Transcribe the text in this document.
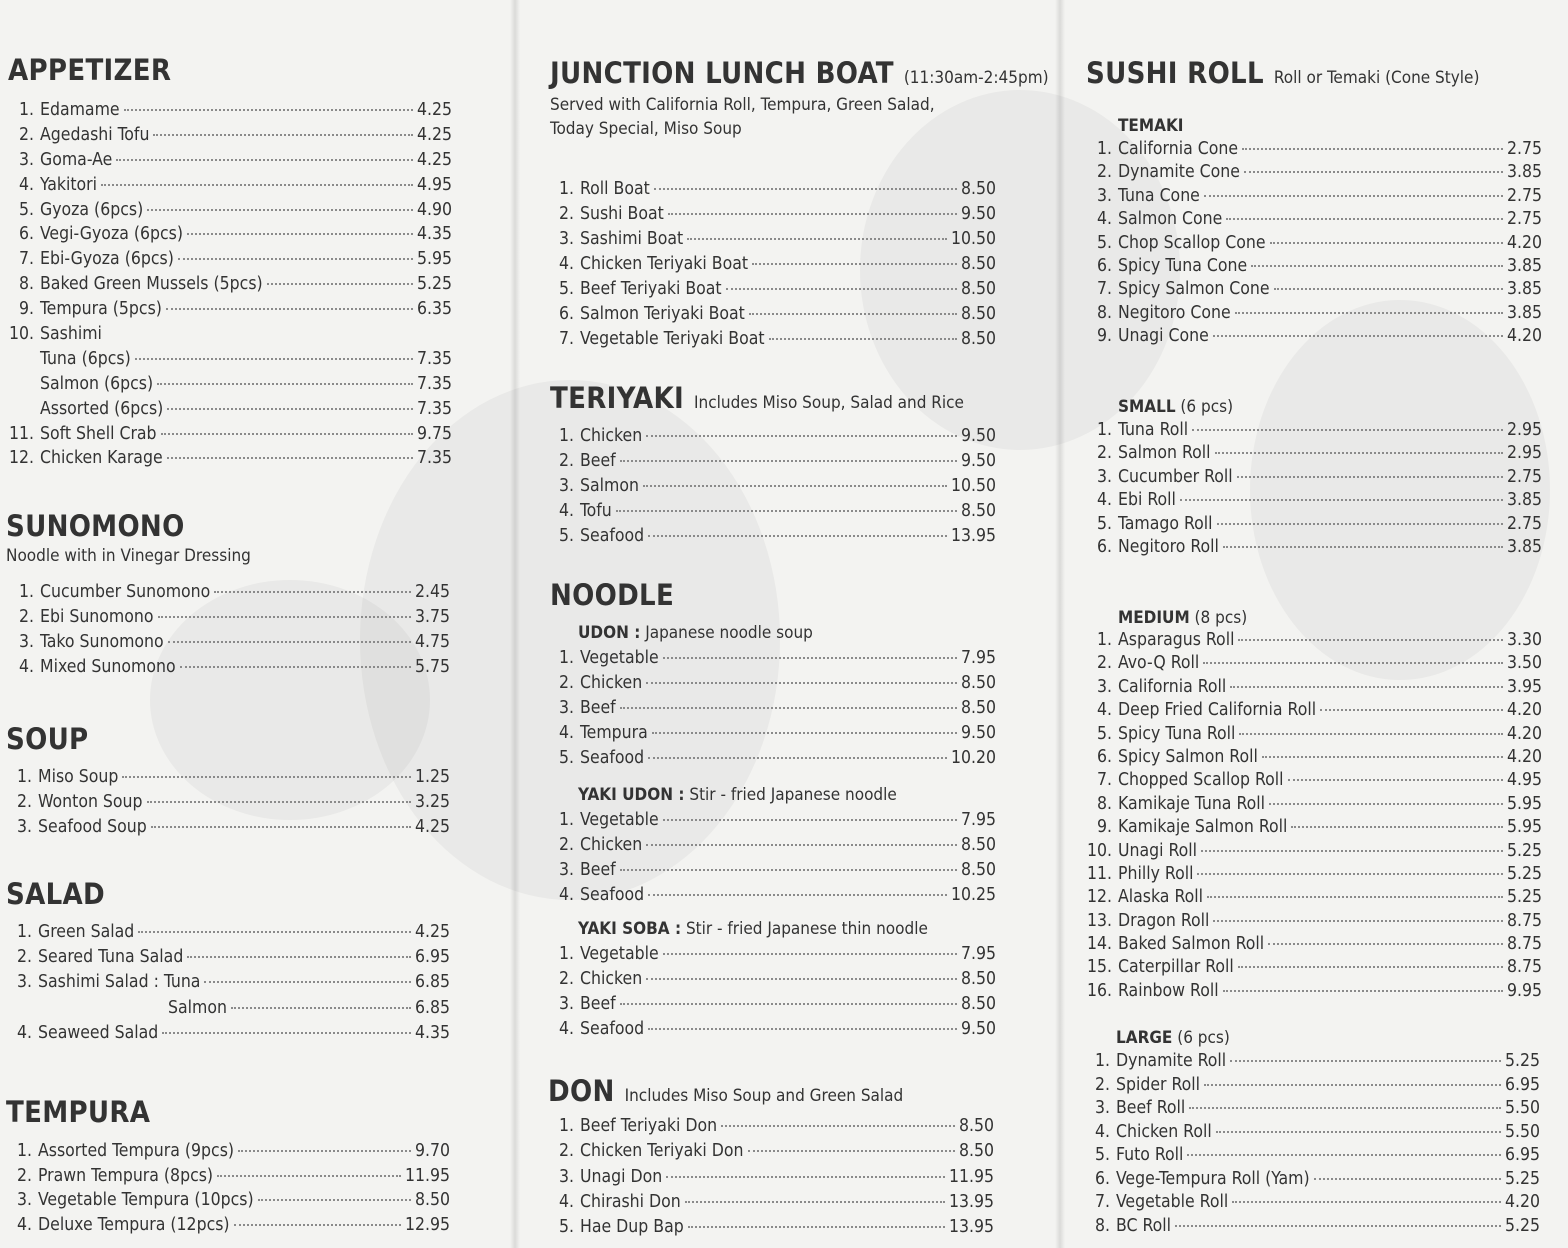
APPETIZER
1. Edamame	4.25
2. Agedashi Tofu	4.25
3. Goma-Ae	4.25
4. Yakitori	4.95
5. Gyoza (6pcs)	4.90
6. Vegi-Gyoza (6pcs)	4.35
7. Ebi-Gyoza (6pcs)	5.95
8. Baked Green Mussels (5pcs)	5.25
9. Tempura (5pcs)	6.35
10. Sashimi
Tuna (6pcs)	7.35
Salmon (6pcs)	7.35
Assorted (6pcs)	7.35
11. Soft Shell Crab	9.75
12. Chicken Karage	7.35
SUNOMONO
Noodle with in Vinegar Dressing
1. Cucumber Sunomono	2.45
2. Ebi Sunomono	3.75
3. Tako Sunomono	4.75
4. Mixed Sunomono	5.75
SOUP
1. Miso Soup	1.25
2. Wonton Soup	3.25
3. Seafood Soup	4.25
SALAD
1. Green Salad	4.25
2. Seared Tuna Salad	6.95
3. Sashimi Salad : Tuna	6.85
Salmon	6.85
4. Seaweed Salad	4.35
TEMPURA
1. Assorted Tempura (9pcs)	9.70
2. Prawn Tempura (8pcs)	11.95
3. Vegetable Tempura (10pcs)	8.50
4. Deluxe Tempura (12pcs)	12.95
JUNCTION LUNCH BOAT (11:30am-2:45pm)
Served with California Roll, Tempura, Green Salad,
Today Special, Miso Soup
1. Roll Boat	8.50
2. Sushi Boat	9.50
3. Sashimi Boat	10.50
4. Chicken Teriyaki Boat	8.50
5. Beef Teriyaki Boat	8.50
6. Salmon Teriyaki Boat	8.50
7. Vegetable Teriyaki Boat	8.50
TERIYAKI Includes Miso Soup, Salad and Rice
1. Chicken	9.50
2. Beef	9.50
3. Salmon	10.50
4. Tofu	8.50
5. Seafood	13.95
NOODLE
UDON : Japanese noodle soup
1. Vegetable	7.95
2. Chicken	8.50
3. Beef	8.50
4. Tempura	9.50
5. Seafood	10.20
YAKI UDON : Stir - fried Japanese noodle
1. Vegetable	7.95
2. Chicken	8.50
3. Beef	8.50
4. Seafood	10.25
YAKI SOBA : Stir - fried Japanese thin noodle
1. Vegetable	7.95
2. Chicken	8.50
3. Beef	8.50
4. Seafood	9.50
DON Includes Miso Soup and Green Salad
1. Beef Teriyaki Don	8.50
2. Chicken Teriyaki Don	8.50
3. Unagi Don	11.95
4. Chirashi Don	13.95
5. Hae Dup Bap	13.95
SUSHI ROLL Roll or Temaki (Cone Style)
TEMAKI
1. California Cone	2.75
2. Dynamite Cone	3.85
3. Tuna Cone	2.75
4. Salmon Cone	2.75
5. Chop Scallop Cone	4.20
6. Spicy Tuna Cone	3.85
7. Spicy Salmon Cone	3.85
8. Negitoro Cone	3.85
9. Unagi Cone	4.20
SMALL (6 pcs)
1. Tuna Roll	2.95
2. Salmon Roll	2.95
3. Cucumber Roll	2.75
4. Ebi Roll	3.85
5. Tamago Roll	2.75
6. Negitoro Roll	3.85
MEDIUM (8 pcs)
1. Asparagus Roll	3.30
2. Avo-Q Roll	3.50
3. California Roll	3.95
4. Deep Fried California Roll	4.20
5. Spicy Tuna Roll	4.20
6. Spicy Salmon Roll	4.20
7. Chopped Scallop Roll	4.95
8. Kamikaje Tuna Roll	5.95
9. Kamikaje Salmon Roll	5.95
10. Unagi Roll	5.25
11. Philly Roll	5.25
12. Alaska Roll	5.25
13. Dragon Roll	8.75
14. Baked Salmon Roll	8.75
15. Caterpillar Roll	8.75
16. Rainbow Roll	9.95
LARGE (6 pcs)
1. Dynamite Roll	5.25
2. Spider Roll	6.95
3. Beef Roll	5.50
4. Chicken Roll	5.50
5. Futo Roll	6.95
6. Vege-Tempura Roll (Yam)	5.25
7. Vegetable Roll	4.20
8. BC Roll	5.25
